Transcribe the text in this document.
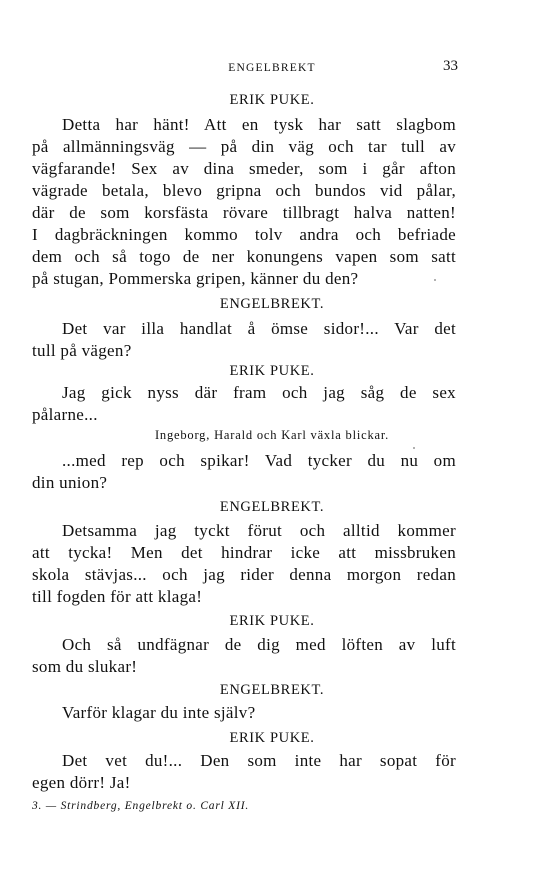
ENGELBREKT	33
ERIK PUKE.
Detta har hänt! Att en tysk har satt slagbom
på allmänningsväg — på din väg och tar tull av
vägfarande! Sex av dina smeder, som i går afton
vägrade betala, blevo gripna och bundos vid pålar,
där de som korsfästa rövare tillbragt halva natten!
I dagbräckningen kommo tolv andra och befriade
dem och så togo de ner konungens vapen som satt
på stugan, Pommerska gripen, känner du den?
ENGELBREKT.
Det var illa handlat å ömse sidor!... Var det
tull på vägen?
ERIK PUKE.
Jag gick nyss där fram och jag såg de sex
pålarne...
Ingeborg, Harald och Karl växla blickar.
...med rep och spikar! Vad tycker du nu om
din union?
ENGELBREKT.
Detsamma jag tyckt förut och alltid kommer
att tycka! Men det hindrar icke att missbruken
skola stävjas... och jag rider denna morgon redan
till fogden för att klaga!
ERIK PUKE.
Och så undfägnar de dig med löften av luft
som du slukar!
ENGELBREKT.
Varför klagar du inte själv?
ERIK PUKE.
Det vet du!... Den som inte har sopat för
egen dörr! Ja!
3. — Strindberg, Engelbrekt o. Carl XII.
